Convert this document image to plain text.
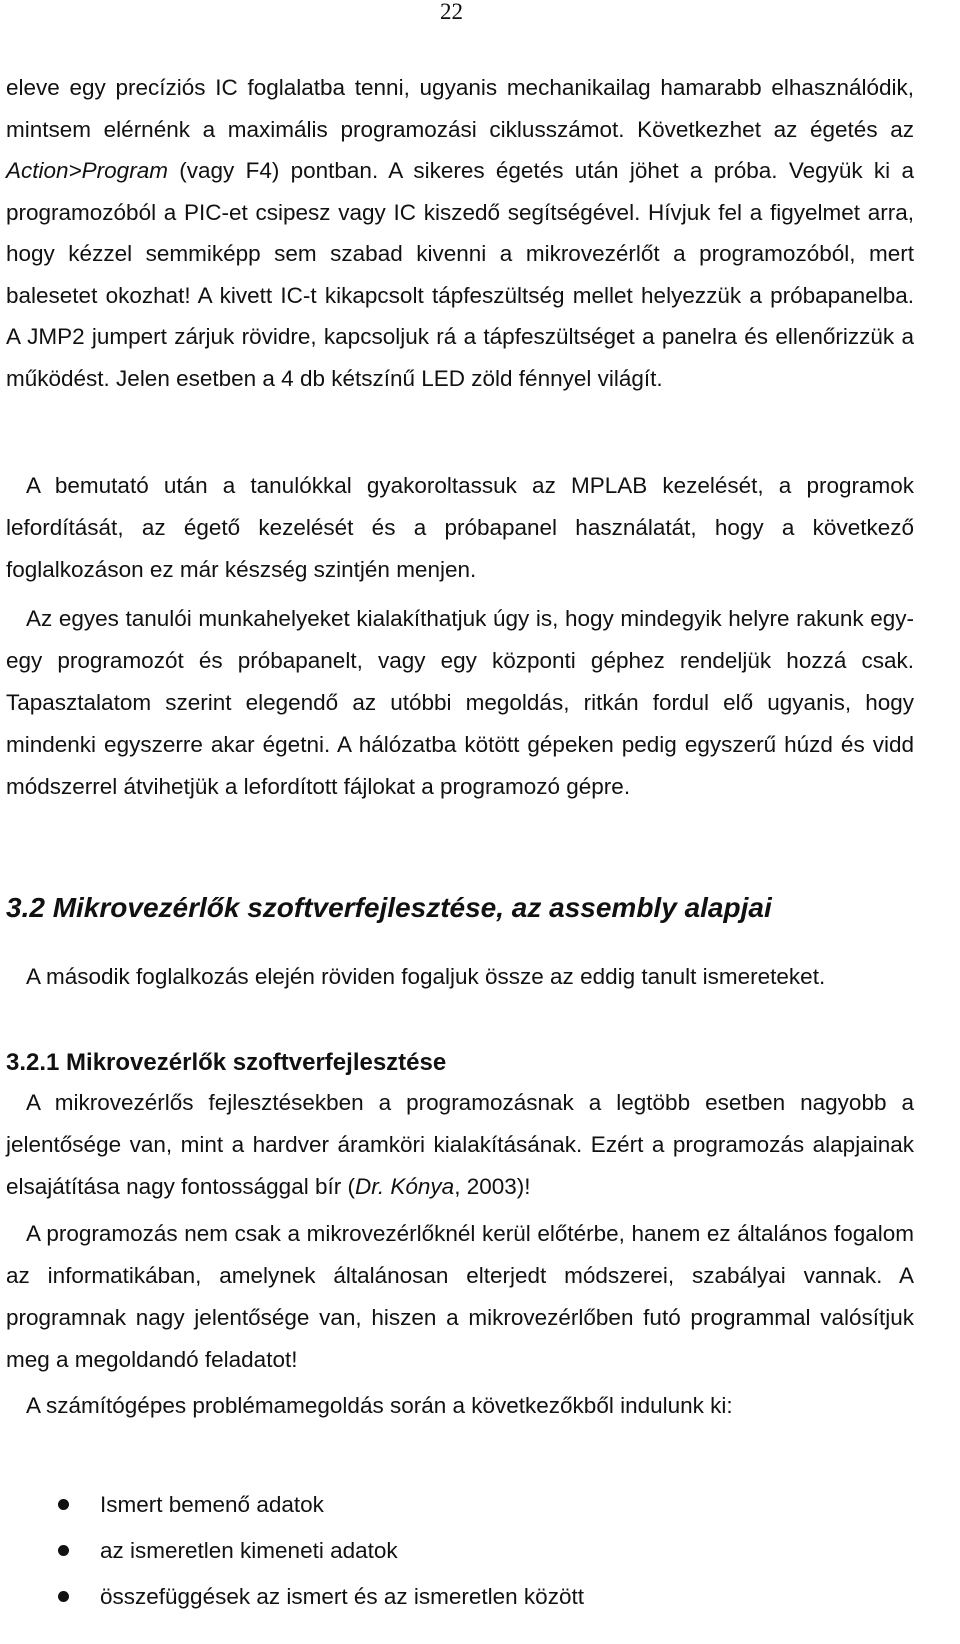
22

eleve egy precíziós IC foglalatba tenni, ugyanis mechanikailag hamarabb elhasználódik, mintsem elérnénk a maximális programozási ciklusszámot. Következhet az égetés az Action>Program (vagy F4) pontban. A sikeres égetés után jöhet a próba. Vegyük ki a programozóból a PIC-et csipesz vagy IC kiszedő segítségével. Hívjuk fel a figyelmet arra, hogy kézzel semmiképp sem szabad kivenni a mikrovezérlőt a programozóból, mert balesetet okozhat! A kivett IC-t kikapcsolt tápfeszültség mellet helyezzük a próbapanelba. A JMP2 jumpert zárjuk rövidre, kapcsoljuk rá a tápfeszültséget a panelra és ellenőrizzük a működést. Jelen esetben a 4 db kétszínű LED zöld fénnyel világít.

A bemutató után a tanulókkal gyakoroltassuk az MPLAB kezelését, a programok lefordítását, az égető kezelését és a próbapanel használatát, hogy a következő foglalkozáson ez már készség szintjén menjen.

Az egyes tanulói munkahelyeket kialakíthatjuk úgy is, hogy mindegyik helyre rakunk egy-egy programozót és próbapanelt, vagy egy központi géphez rendeljük hozzá csak. Tapasztalatom szerint elegendő az utóbbi megoldás, ritkán fordul elő ugyanis, hogy mindenki egyszerre akar égetni. A hálózatba kötött gépeken pedig egyszerű húzd és vidd módszerrel átvihetjük a lefordított fájlokat a programozó gépre.

3.2 Mikrovezérlők szoftverfejlesztése, az assembly alapjai

A második foglalkozás elején röviden fogaljuk össze az eddig tanult ismereteket.

3.2.1 Mikrovezérlők szoftverfejlesztése

A mikrovezérlős fejlesztésekben a programozásnak a legtöbb esetben nagyobb a jelentősége van, mint a hardver áramköri kialakításának. Ezért a programozás alapjainak elsajátítása nagy fontossággal bír (Dr. Kónya, 2003)!

A programozás nem csak a mikrovezérlőknél kerül előtérbe, hanem ez általános fogalom az informatikában, amelynek általánosan elterjedt módszerei, szabályai vannak. A programnak nagy jelentősége van, hiszen a mikrovezérlőben futó programmal valósítjuk meg a megoldandó feladatot!

A számítógépes problémamegoldás során a következőkből indulunk ki:

Ismert bemenő adatok
az ismeretlen kimeneti adatok
összefüggések az ismert és az ismeretlen között
